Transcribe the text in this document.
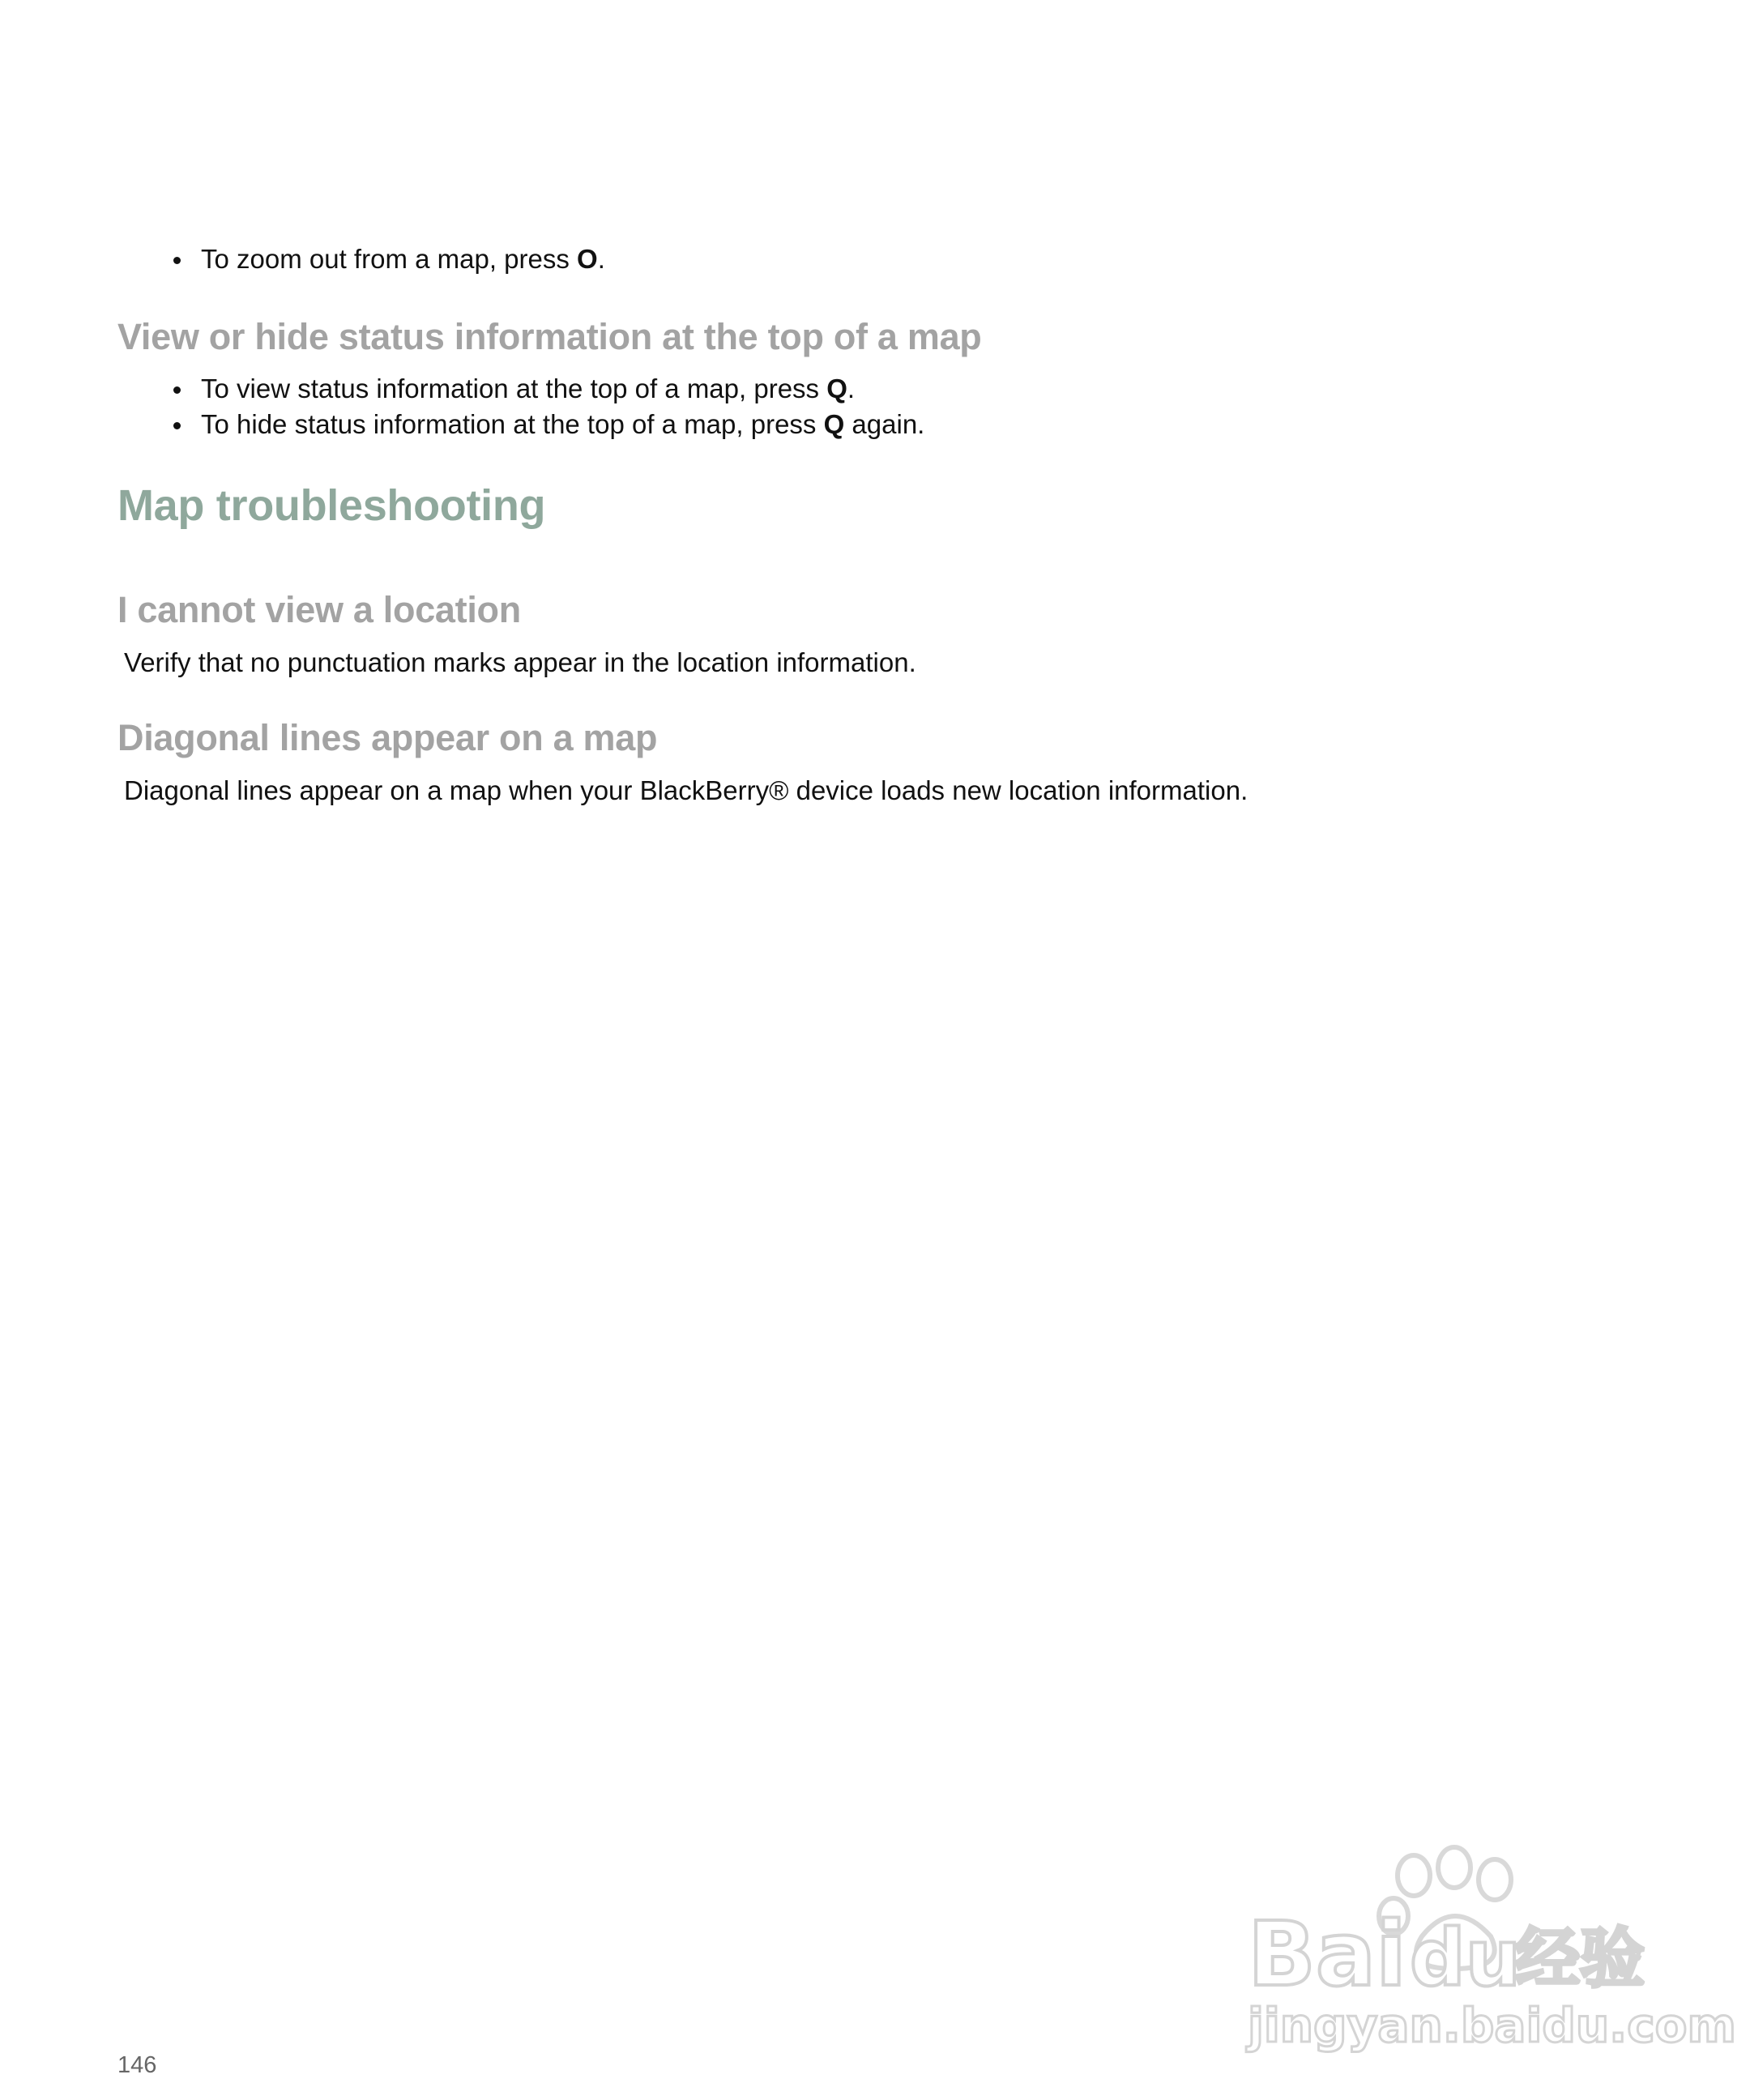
To zoom out from a map, press O.
View or hide status information at the top of a map
To view status information at the top of a map, press Q.
To hide status information at the top of a map, press Q again.
Map troubleshooting
I cannot view a location

Verify that no punctuation marks appear in the location information.

Diagonal lines appear on a map

Diagonal lines appear on a map when your BlackBerry® device loads new location information.

146
Bai du
经验
jingyan.baidu.com
